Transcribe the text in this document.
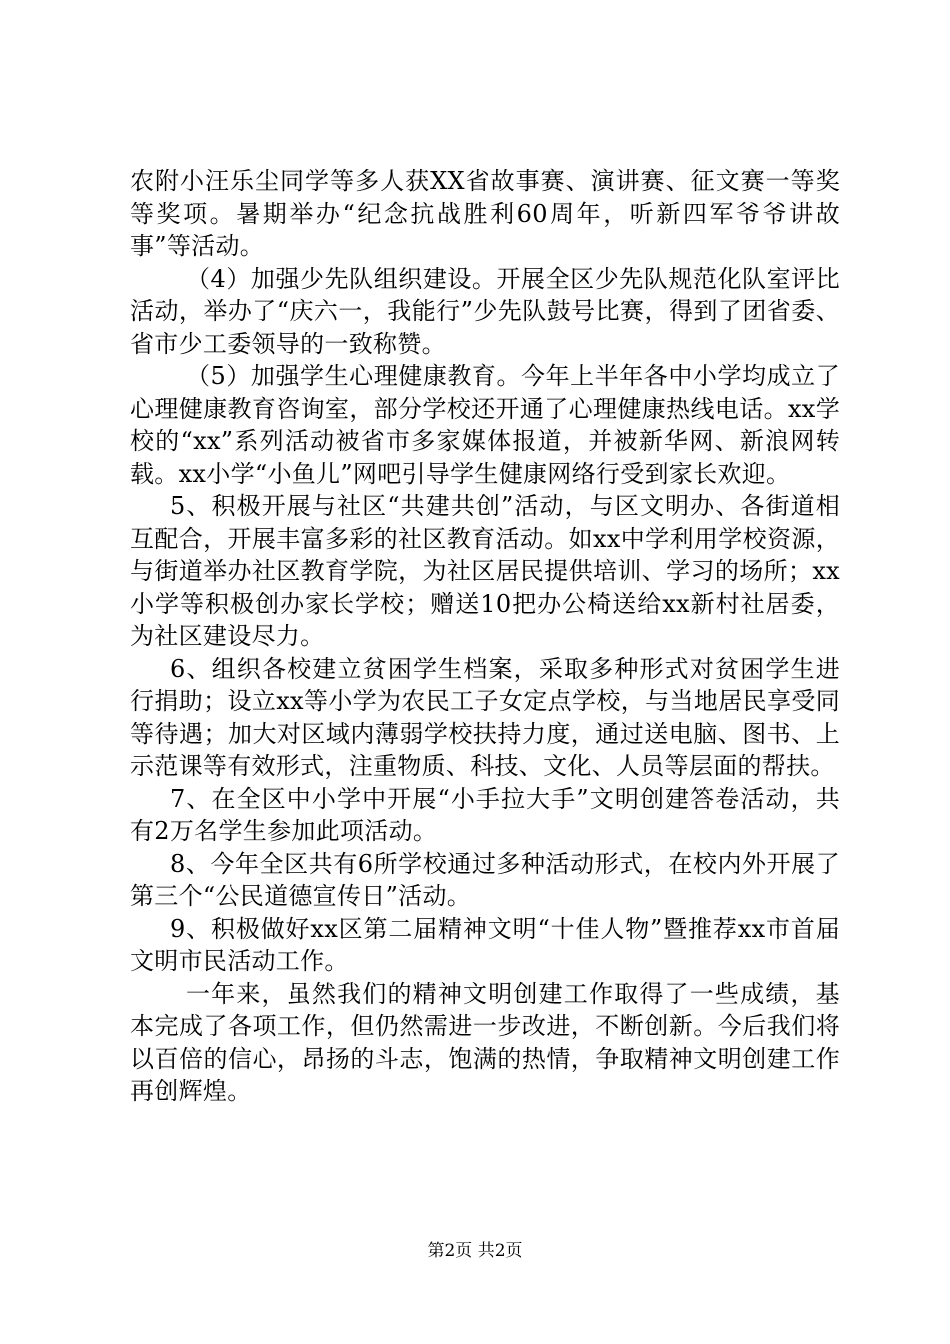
农附小汪乐尘同学等多人获XX省故事赛、演讲赛、征文赛一等奖等奖项。暑期举办“纪念抗战胜利60周年，听新四军爷爷讲故事”等活动。

（4）加强少先队组织建设。开展全区少先队规范化队室评比活动，举办了“庆六一，我能行”少先队鼓号比赛，得到了团省委、省市少工委领导的一致称赞。

（5）加强学生心理健康教育。今年上半年各中小学均成立了心理健康教育咨询室，部分学校还开通了心理健康热线电话。xx学校的“xx”系列活动被省市多家媒体报道，并被新华网、新浪网转载。xx小学“小鱼儿”网吧引导学生健康网络行受到家长欢迎。

5、积极开展与社区“共建共创”活动，与区文明办、各街道相互配合，开展丰富多彩的社区教育活动。如xx中学利用学校资源，与街道举办社区教育学院，为社区居民提供培训、学习的场所；xx小学等积极创办家长学校；赠送10把办公椅送给xx新村社居委，为社区建设尽力。

6、组织各校建立贫困学生档案，采取多种形式对贫困学生进行捐助；设立xx等小学为农民工子女定点学校，与当地居民享受同等待遇；加大对区域内薄弱学校扶持力度，通过送电脑、图书、上示范课等有效形式，注重物质、科技、文化、人员等层面的帮扶。

7、在全区中小学中开展“小手拉大手”文明创建答卷活动，共有2万名学生参加此项活动。

8、今年全区共有6所学校通过多种活动形式，在校内外开展了第三个“公民道德宣传日”活动。

9、积极做好xx区第二届精神文明“十佳人物”暨推荐xx市首届文明市民活动工作。

一年来，虽然我们的精神文明创建工作取得了一些成绩，基本完成了各项工作，但仍然需进一步改进，不断创新。今后我们将以百倍的信心，昂扬的斗志，饱满的热情，争取精神文明创建工作再创辉煌。

第2页 共2页
